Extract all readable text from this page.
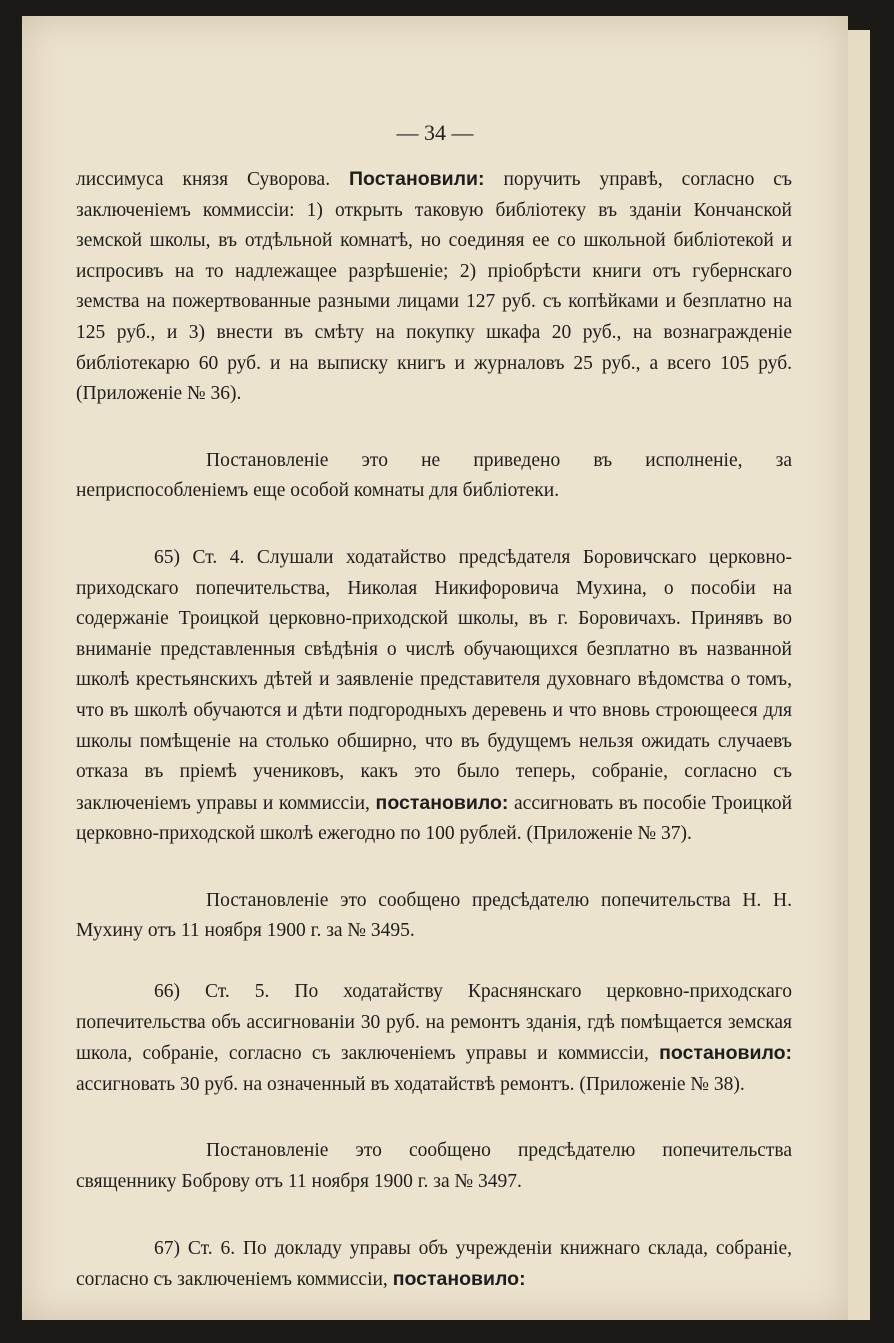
— 34 —

лиссимуса князя Суворова. Постановили: поручить управѣ, согласно съ заключеніемъ коммиссіи: 1) открыть таковую библіотеку въ зданіи Кончанской земской школы, въ отдѣльной комнатѣ, но соединяя ее со школьной библіотекой и испросивъ на то надлежащее разрѣшеніе; 2) пріобрѣсти книги отъ губернскаго земства на пожертвованные разными лицами 127 руб. съ копѣйками и безплатно на 125 руб., и 3) внести въ смѣту на покупку шкафа 20 руб., на вознагражденіе библіотекарю 60 руб. и на выписку книгъ и журналовъ 25 руб., а всего 105 руб. (Приложеніе № 36).

Постановленіе это не приведено въ исполненіе, за неприспособленіемъ еще особой комнаты для библіотеки.

65) Ст. 4. Слушали ходатайство предсѣдателя Боровичскаго церковно-приходскаго попечительства, Николая Никифоровича Мухина, о пособіи на содержаніе Троицкой церковно-приходской школы, въ г. Боровичахъ. Принявъ во вниманіе представленныя свѣдѣнія о числѣ обучающихся безплатно въ названной школѣ крестьянскихъ дѣтей и заявленіе представителя духовнаго вѣдомства о томъ, что въ школѣ обучаются и дѣти подгородныхъ деревень и что вновь строющееся для школы помѣщеніе на столько обширно, что въ будущемъ нельзя ожидать случаевъ отказа въ пріемѣ учениковъ, какъ это было теперь, собраніе, согласно съ заключеніемъ управы и коммиссіи, постановило: ассигновать въ пособіе Троицкой церковно-приходской школѣ ежегодно по 100 рублей. (Приложеніе № 37).

Постановленіе это сообщено предсѣдателю попечительства Н. Н. Мухину отъ 11 ноября 1900 г. за № 3495.

66) Ст. 5. По ходатайству Краснянскаго церковно-приходскаго попечительства объ ассигнованіи 30 руб. на ремонтъ зданія, гдѣ помѣщается земская школа, собраніе, согласно съ заключеніемъ управы и коммиссіи, постановило: ассигновать 30 руб. на означенный въ ходатайствѣ ремонтъ. (Приложеніе № 38).

Постановленіе это сообщено предсѣдателю попечительства священнику Боброву отъ 11 ноября 1900 г. за № 3497.

67) Ст. 6. По докладу управы объ учрежденіи книжнаго склада, собраніе, согласно съ заключеніемъ коммиссіи, постановило:
